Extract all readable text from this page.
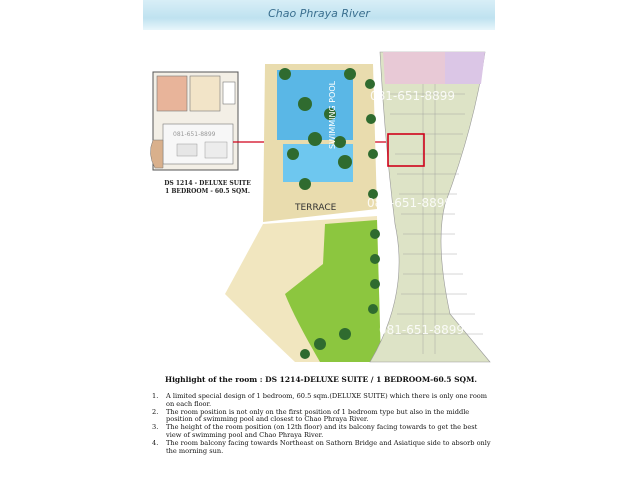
Chao Phraya River
081-651-8899	SWIMMING POOL
TERRACE
081-651-8899
081-651-8899
081-651-8899
DS 1214 - DELUXE SUITE
1 BEDROOM - 60.5 SQM.
Highlight of the room : DS 1214-DELUXE SUITE / 1 BEDROOM-60.5 SQM.
1. A limited special design of 1 bedroom, 60.5 sqm.(DELUXE SUITE) which there is only one room on each floor.
2. The room position is not only on the first position of 1 bedroom type but also in the middle position of swimming pool and closest to Chao Phraya River.
3. The height of the room position (on 12th floor) and its balcony facing towards to get the best view of swimming pool and Chao Phraya River.
4. The room balcony facing towards Northeast on Sathorn Bridge and Asiatique side to absorb only the morning sun.
